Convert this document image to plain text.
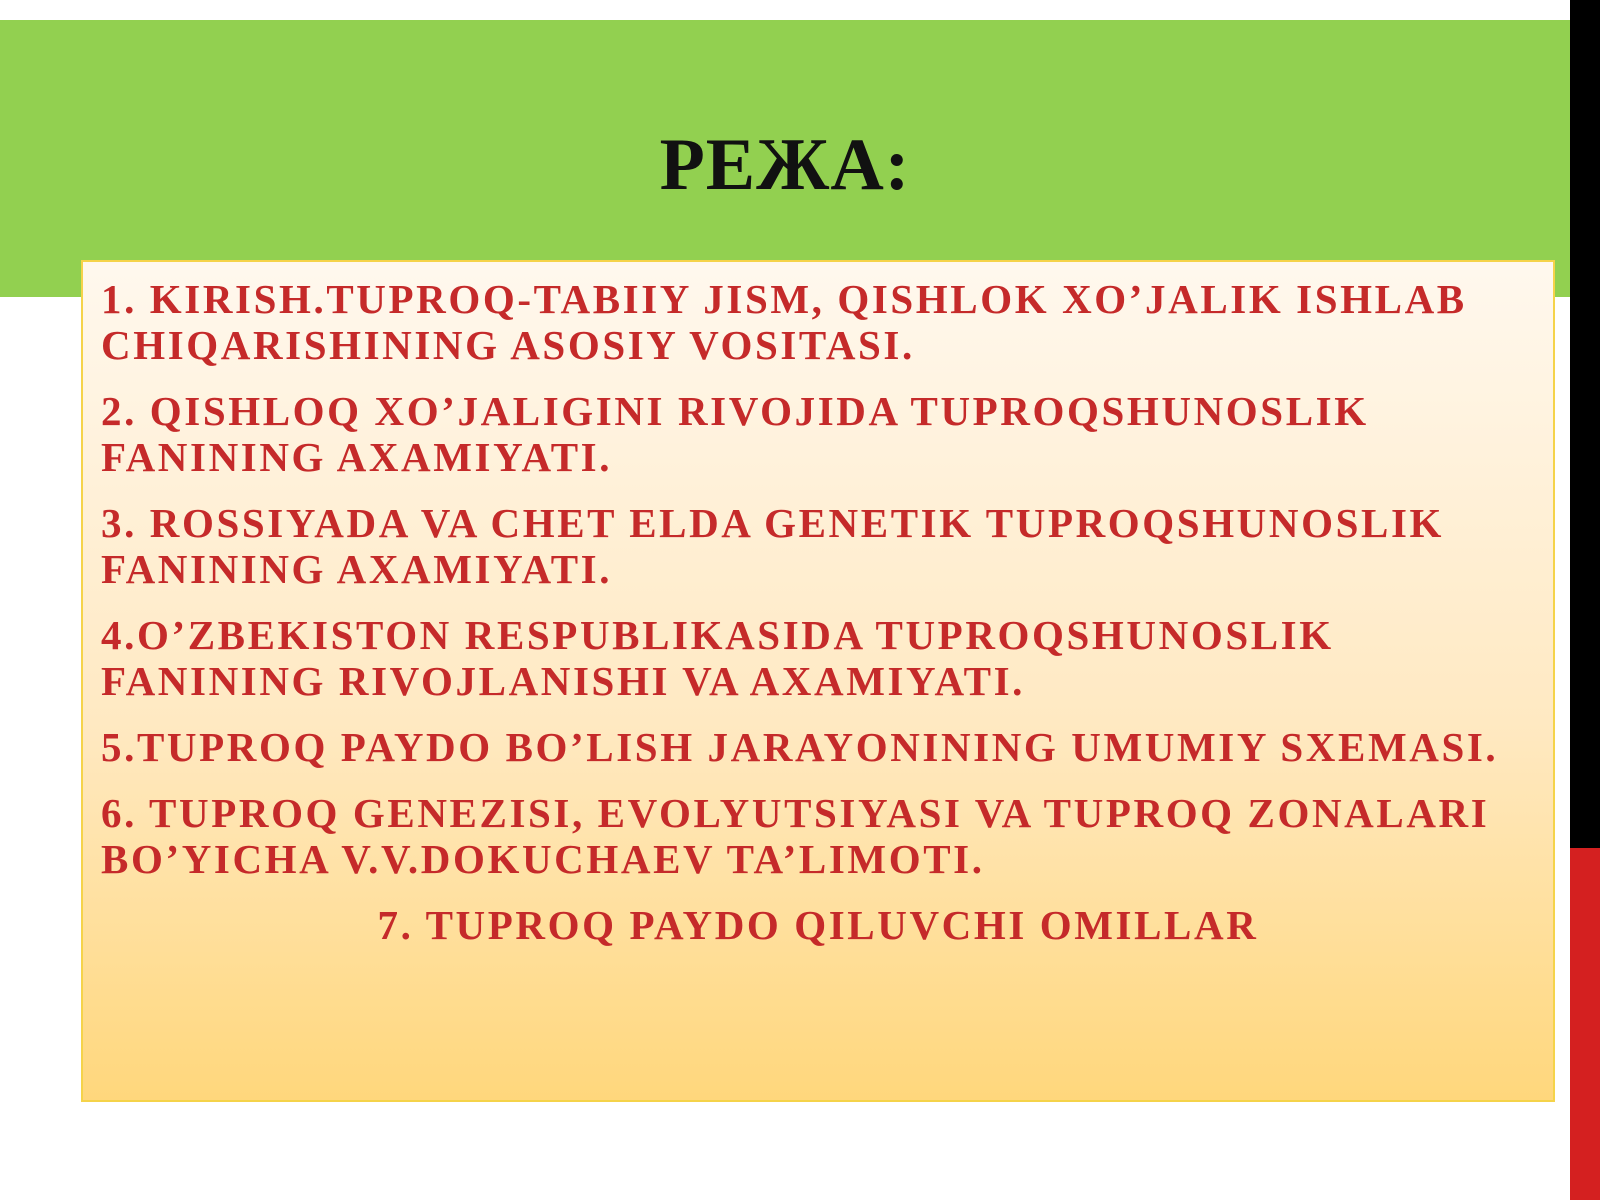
РЕЖА:

1. KIRISH.TUPROQ-TABIIY JISM, QISHLOK XO’JALIK ISHLAB CHIQARISHINING ASOSIY VOSITASI.

2. QISHLOQ XO’JALIGINI RIVOJIDA TUPROQSHUNOSLIK FANINING AXAMIYATI.

3. ROSSIYADA VA CHET ELDA GENETIK TUPROQSHUNOSLIK FANINING AXAMIYATI.

4.O’ZBEKISTON RESPUBLIKASIDA TUPROQSHUNOSLIK FANINING RIVOJLANISHI VA AXAMIYATI.

5.TUPROQ PAYDO BO’LISH JARAYONINING UMUMIY SXEMASI.

6. TUPROQ GENEZISI, EVOLYUTSIYASI VA TUPROQ ZONALARI BO’YICHA V.V.DOKUCHAEV TA’LIMOTI.

7. TUPROQ PAYDO QILUVCHI OMILLAR
